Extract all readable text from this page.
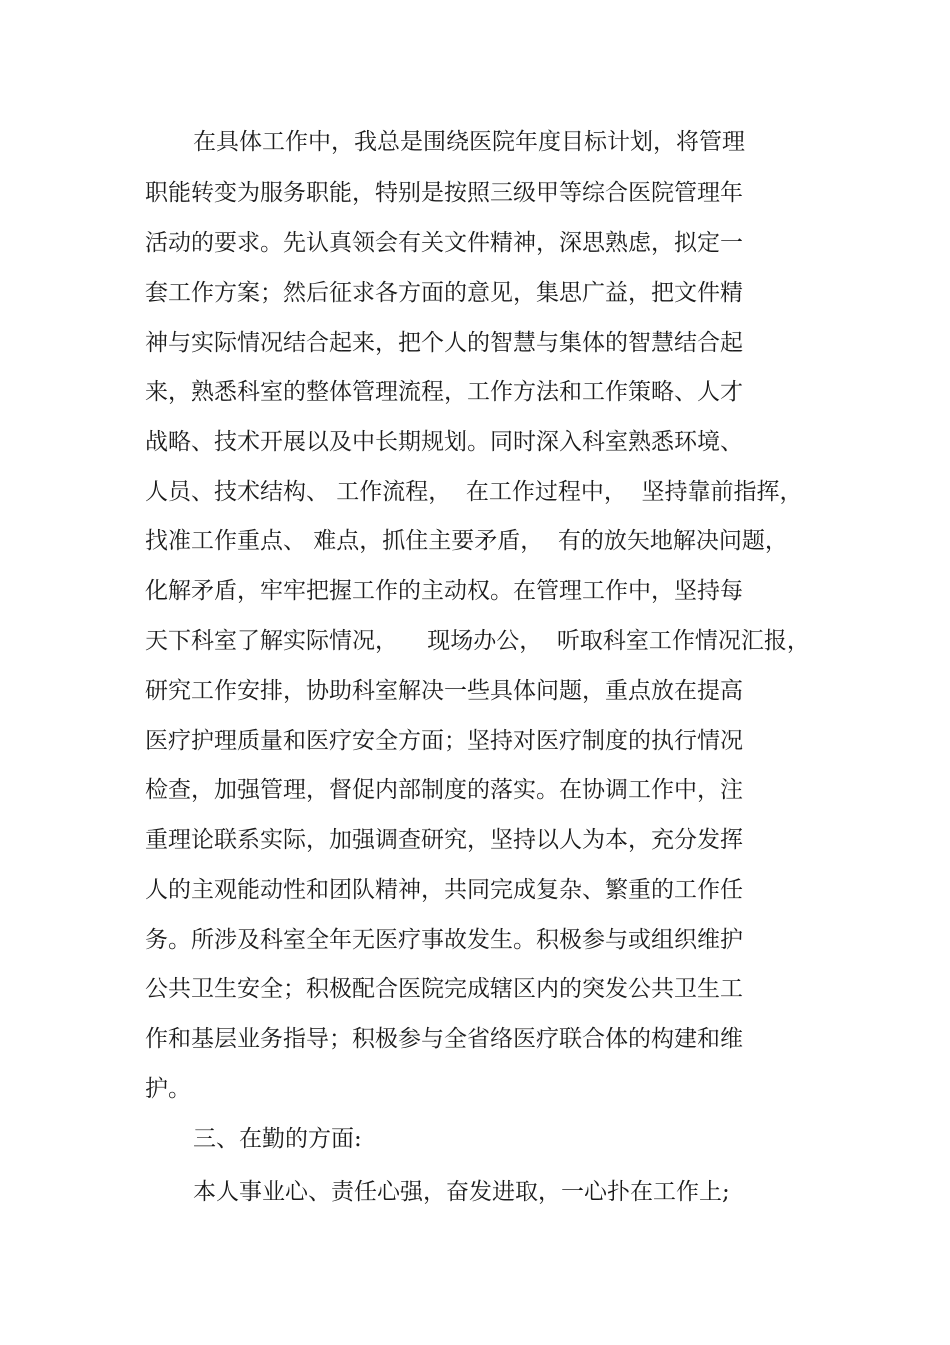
在具体工作中，我总是围绕医院年度目标计划，将管理
职能转变为服务职能，特别是按照三级甲等综合医院管理年
活动的要求。先认真领会有关文件精神，深思熟虑，拟定一
套工作方案；然后征求各方面的意见，集思广益，把文件精
神与实际情况结合起来，把个人的智慧与集体的智慧结合起
来，熟悉科室的整体管理流程，工作方法和工作策略、人才
战略、技术开展以及中长期规划。同时深入科室熟悉环境、
人员、技术结构、 工作流程，  在工作过程中，  坚持靠前指挥，
找准工作重点、 难点，抓住主要矛盾，  有的放矢地解决问题，
化解矛盾，牢牢把握工作的主动权。在管理工作中，坚持每
天下科室了解实际情况，    现场办公，  听取科室工作情况汇报，
研究工作安排，协助科室解决一些具体问题，重点放在提高
医疗护理质量和医疗安全方面；坚持对医疗制度的执行情况
检查，加强管理，督促内部制度的落实。在协调工作中，注
重理论联系实际，加强调查研究，坚持以人为本，充分发挥
人的主观能动性和团队精神，共同完成复杂、繁重的工作任
务。所涉及科室全年无医疗事故发生。积极参与或组织维护
公共卫生安全；积极配合医院完成辖区内的突发公共卫生工
作和基层业务指导；积极参与全省络医疗联合体的构建和维
护。
三、在勤的方面:
本人事业心、责任心强，奋发进取，一心扑在工作上;
